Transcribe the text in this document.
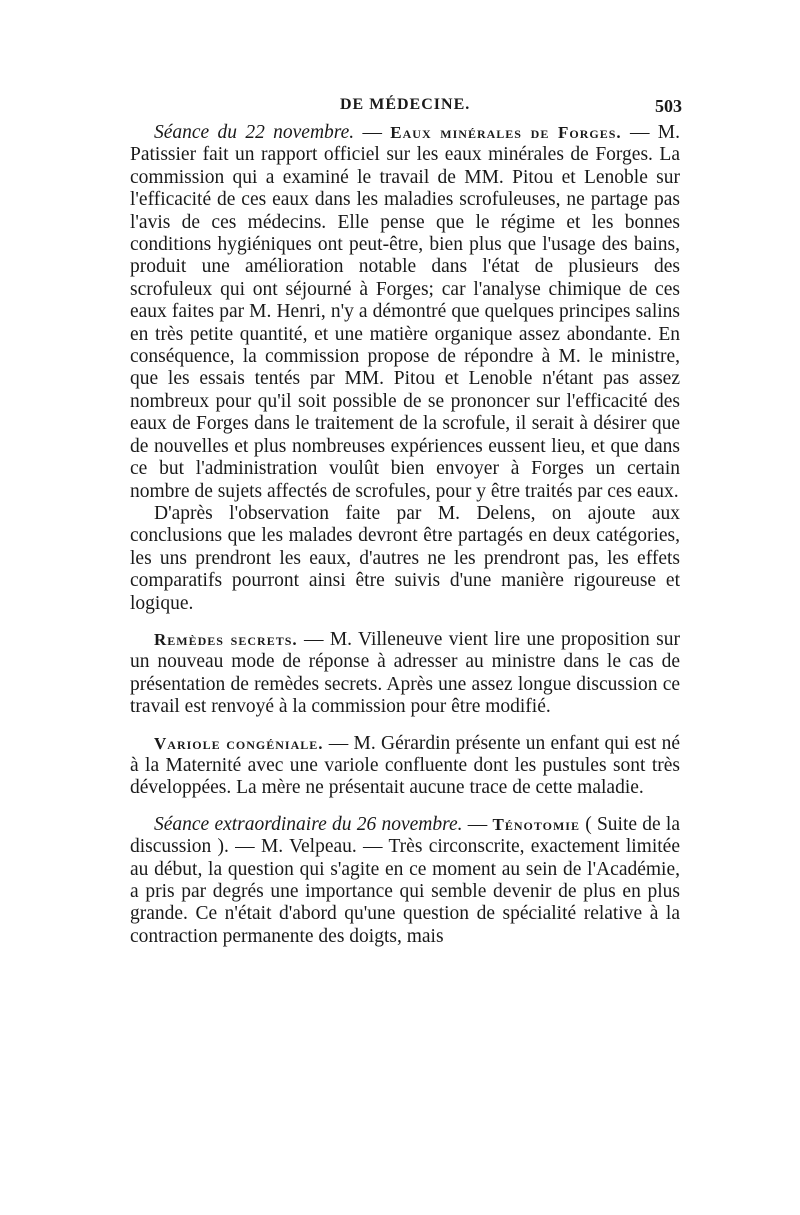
DE MÉDECINE.	503

Séance du 22 novembre. — Eaux minérales de Forges. — M. Patissier fait un rapport officiel sur les eaux minérales de Forges. La commission qui a examiné le travail de MM. Pitou et Lenoble sur l'efficacité de ces eaux dans les maladies scrofuleuses, ne partage pas l'avis de ces médecins. Elle pense que le régime et les bonnes conditions hygiéniques ont peut-être, bien plus que l'usage des bains, produit une amélioration notable dans l'état de plusieurs des scrofuleux qui ont séjourné à Forges; car l'analyse chimique de ces eaux faites par M. Henri, n'y a démontré que quelques principes salins en très petite quantité, et une matière organique assez abondante. En conséquence, la commission propose de répondre à M. le ministre, que les essais tentés par MM. Pitou et Lenoble n'étant pas assez nombreux pour qu'il soit possible de se prononcer sur l'efficacité des eaux de Forges dans le traitement de la scrofule, il serait à désirer que de nouvelles et plus nombreuses expériences eussent lieu, et que dans ce but l'administration voulût bien envoyer à Forges un certain nombre de sujets affectés de scrofules, pour y être traités par ces eaux.

D'après l'observation faite par M. Delens, on ajoute aux conclusions que les malades devront être partagés en deux catégories, les uns prendront les eaux, d'autres ne les prendront pas, les effets comparatifs pourront ainsi être suivis d'une manière rigoureuse et logique.

Remèdes secrets. — M. Villeneuve vient lire une proposition sur un nouveau mode de réponse à adresser au ministre dans le cas de présentation de remèdes secrets. Après une assez longue discussion ce travail est renvoyé à la commission pour être modifié.

Variole congéniale. — M. Gérardin présente un enfant qui est né à la Maternité avec une variole confluente dont les pustules sont très développées. La mère ne présentait aucune trace de cette maladie.

Séance extraordinaire du 26 novembre. — Ténotomie ( Suite de la discussion ). — M. Velpeau. — Très circonscrite, exactement limitée au début, la question qui s'agite en ce moment au sein de l'Académie, a pris par degrés une importance qui semble devenir de plus en plus grande. Ce n'était d'abord qu'une question de spécialité relative à la contraction permanente des doigts, mais
